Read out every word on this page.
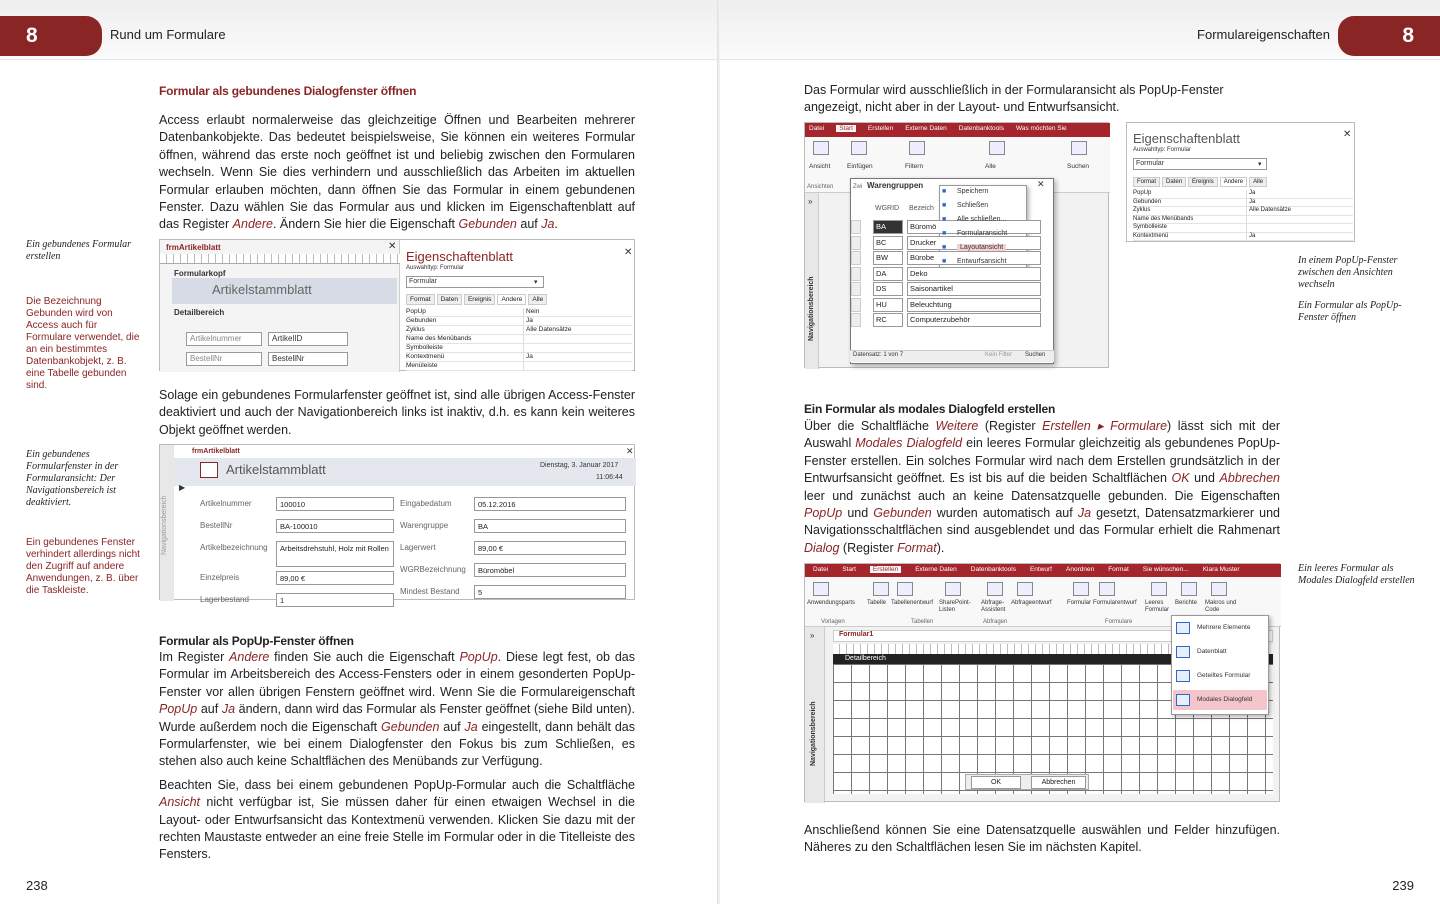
8	Rund um Formulare
Formular als gebundenes Dialogfenster öffnen
Access erlaubt normalerweise das gleichzeitige Öffnen und Bearbeiten mehrerer Datenbankobjekte. Das bedeutet beispielsweise, Sie können ein weiteres Formular öffnen, während das erste noch geöffnet ist und beliebig zwischen den Formularen wechseln. Wenn Sie dies verhindern und ausschließlich das Arbeiten im aktuellen Formular erlauben möchten, dann öffnen Sie das Formular in einem gebundenen Fenster. Dazu wählen Sie das Formular aus und klicken im Eigenschaftenblatt auf das Register Andere. Ändern Sie hier die Eigenschaft Gebunden auf Ja.
Ein gebundenes Formular erstellen
Die Bezeichnung Gebunden wird von Access auch für Formulare verwendet, die an ein bestimmtes Datenbankobjekt, z. B. eine Tabelle gebunden sind.
Ein gebundenes Formularfenster in der Formularansicht: Der Navigationsbereich ist deaktiviert.
Ein gebundenes Fenster verhindert allerdings nicht den Zugriff auf andere Anwendungen, z. B. über die Taskleiste.
frmArtikelblatt	✕
Formularkopf
Artikelstammblatt
Detailbereich
Artikelnummer	ArtikelID
BestellNr	BestellNr
Eigenschaftenblatt	✕
Auswahltyp: Formular
Formular	▾
Format	Daten	Ereignis	Andere	Alle
PopUp	Nein
Gebunden	Ja
Zyklus	Alle Datensätze
Name des Menübands
Symbolleiste
Kontextmenü	Ja
Menüleiste
Solage ein gebundenes Formularfenster geöffnet ist, sind alle übrigen Access-Fenster deaktiviert und auch der Navigationbereich links ist inaktiv, d.h. es kann kein weiteres Objekt geöffnet werden.
Navigationsbereich
frmArtikelblatt	✕
Artikelstammblatt	Dienstag, 3. Januar 2017
11:06:44
▶
Artikelnummer	100010
BestellNr	BA-100010
Artikelbezeichnung	Arbeitsdrehstuhl, Holz mit Rollen
Einzelpreis	89,00 €
Lagerbestand	1
Eingabedatum	05.12.2016
Warengruppe	BA
Lagerwert	89,00 €
WGRBezeichnung	Büromöbel
Mindest Bestand	5
Formular als PopUp-Fenster öffnen

Im Register Andere finden Sie auch die Eigenschaft PopUp. Diese legt fest, ob das Formular im Arbeitsbereich des Access-Fensters oder in einem gesonderten PopUp-Fenster vor allen übrigen Fenstern geöffnet wird. Wenn Sie die Formulareigenschaft PopUp auf Ja ändern, dann wird das Formular als Fenster geöffnet (siehe Bild unten). Wurde außerdem noch die Eigenschaft Gebunden auf Ja eingestellt, dann behält das Formularfenster, wie bei einem Dialogfenster den Fokus bis zum Schließen, es stehen also auch keine Schaltflächen des Menübands zur Verfügung.

Beachten Sie, dass bei einem gebundenen PopUp-Formular auch die Schaltfläche Ansicht nicht verfügbar ist, Sie müssen daher für einen etwaigen Wechsel in die Layout- oder Entwurfsansicht das Kontextmenü verwenden. Klicken Sie dazu mit der rechten Maustaste entweder an eine freie Stelle im Formular oder in die Titelleiste des Fensters.

238
8
Formulareigenschaften
Das Formular wird ausschließlich in der Formularansicht als PopUp-Fenster angezeigt, nicht aber in der Layout- und Entwurfsansicht.
Datei	Start	Erstellen Externe Daten Datenbanktools Was möchten Sie
»
Navigationsbereich
Warengruppen	✕
Datensatz: 1 von 7	Kein Filter Suchen
Ansicht	Einfügen	Filtern	Alle	Suchen
Ansichten	Zwi
WGRID Bezeich
BA	Büromö
BC	Drucker
BW	Bürobe
DA	Deko
DS	Saisonartikel
HU	Beleuchtung
RC	Computerzubehör
■ Speichern
■ Schließen
■ Alle schließen...
■ Formularansicht
■	Layoutansicht
■ Entwurfsansicht
Eigenschaftenblatt	✕
Auswahltyp: Formular
Formular	▾
Format	Daten	Ereignis	Andere	Alle
PopUp	Ja
Gebunden	Ja
Zyklus	Alle Datensätze
Name des Menübands
Symbolleiste
Kontextmenü	Ja
In einem PopUp-Fenster zwischen den Ansichten wechseln
Ein Formular als PopUp-Fenster öffnen
Ein leeres Formular als Modales Dialogfeld erstellen
Ein Formular als modales Dialogfeld erstellen
Über die Schaltfläche Weitere (Register Erstellen ▸ Formulare) lässt sich mit der Auswahl Modales Dialogfeld ein leeres Formular gleichzeitig als gebundenes PopUp-Fenster erstellen. Ein solches Formular wird nach dem Erstellen grundsätzlich in der Entwurfsansicht geöffnet. Es ist bis auf die beiden Schaltflächen OK und Abbrechen leer und zunächst auch an keine Datensatzquelle gebunden. Die Eigenschaften PopUp und Gebunden wurden automatisch auf Ja gesetzt, Datensatzmarkierer und Navigationsschaltflächen sind ausgeblendet und das Formular erhielt die Rahmenart Dialog (Register Format).
Datei Start	Erstellen	Externe Daten Datenbanktools Entwurf Anordnen Format Sie wünschen... Klara Muster
»
Navigationsbereich
Formular1
Detailbereich
OK	Abbrechen
Anwendungsparts	Tabelle Tabellenentwurf SharePoint-Listen
Abfrage-Assistent
Abfrageentwurf	Formular Formularentwurf Leeres Formular
Berichte	Makros und Code
Vorlagen	Tabellen	Abfragen	Formulare
Mehrere Elemente
Datenblatt
Geteiltes Formular
Modales Dialogfeld
Anschließend können Sie eine Datensatzquelle auswählen und Felder hinzufügen. Näheres zu den Schaltflächen lesen Sie im nächsten Kapitel.
239
